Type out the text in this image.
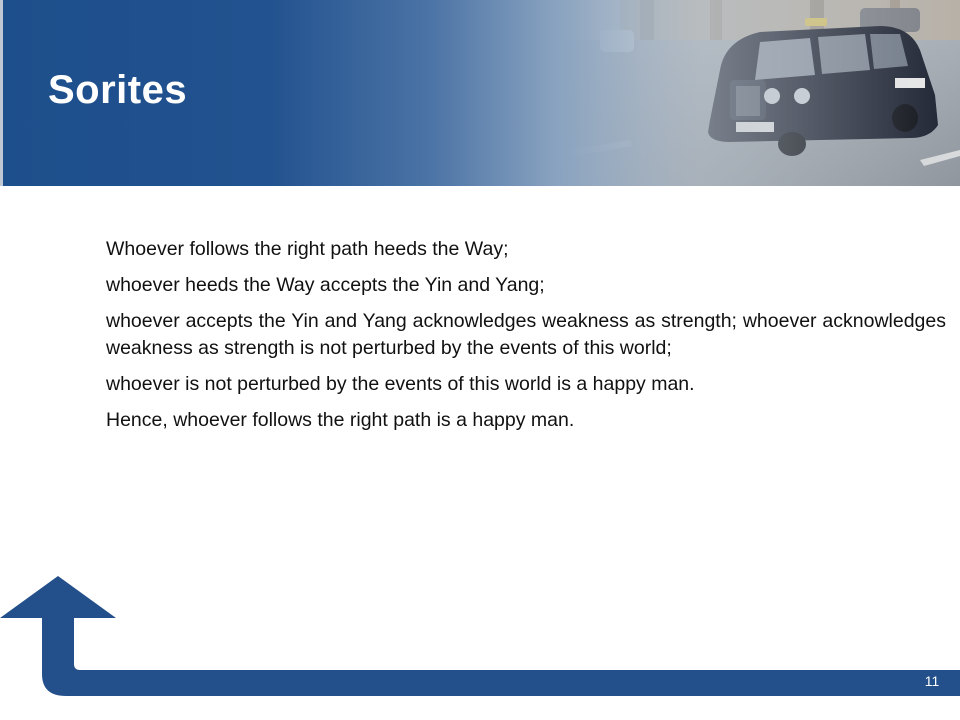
Sorites

Whoever follows the right path heeds the Way;

whoever heeds the Way accepts the Yin and Yang;

whoever accepts the Yin and Yang acknowledges weakness as strength; whoever acknowledges weakness as strength is not perturbed by the events of this world;

whoever is not perturbed by the events of this world is a happy man.

Hence, whoever follows the right path is a happy man.

11
